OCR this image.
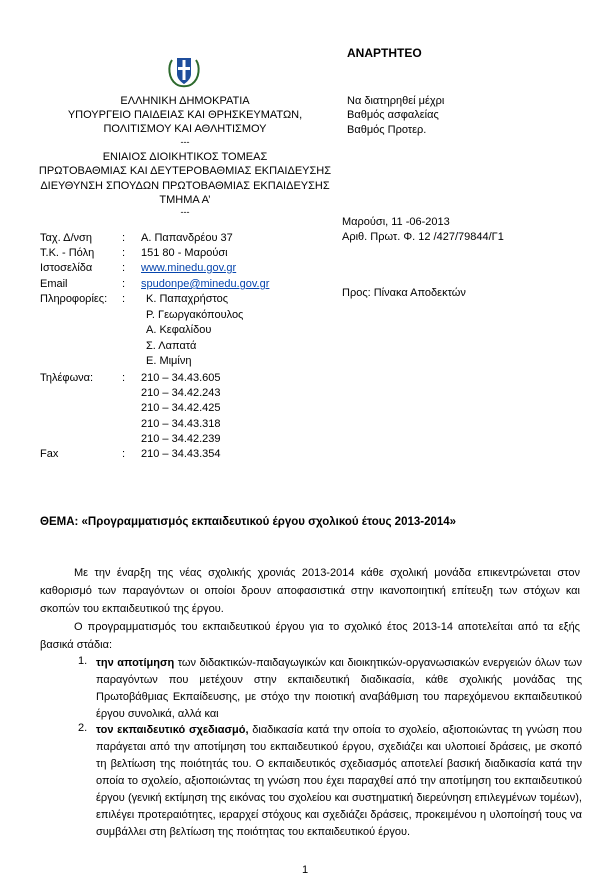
ΑΝΑΡΤΗΤΕΟ
Να διατηρηθεί μέχρι
Βαθμός ασφαλείας
Βαθμός Προτερ.
ΕΛΛΗΝΙΚΗ ΔΗΜΟΚΡΑΤΙΑ
ΥΠΟΥΡΓΕΙΟ ΠΑΙΔΕΙΑΣ ΚΑΙ ΘΡΗΣΚΕΥΜΑΤΩΝ,
ΠΟΛΙΤΙΣΜΟΥ ΚΑΙ ΑΘΛΗΤΙΣΜΟΥ
---
ΕΝΙΑΙΟΣ ΔΙΟΙΚΗΤΙΚΟΣ ΤΟΜΕΑΣ
ΠΡΩΤΟΒΑΘΜΙΑΣ ΚΑΙ ΔΕΥΤΕΡΟΒΑΘΜΙΑΣ ΕΚΠΑΙΔΕΥΣΗΣ
ΔΙΕΥΘΥΝΣΗ ΣΠΟΥΔΩΝ ΠΡΩΤΟΒΑΘΜΙΑΣ ΕΚΠΑΙΔΕΥΣΗΣ
ΤΜΗΜΑ Α’
---
Μαρούσι, 11 -06-2013
Αριθ. Πρωτ. Φ. 12 /427/79844/Γ1
Προς: Πίνακα Αποδεκτών
Ταχ. Δ/νση	: Α. Παπανδρέου 37
Τ.Κ. - Πόλη	: 151 80 - Μαρούσι
Ιστοσελίδα	: www.minedu.gov.gr
Email	: spudonpe@minedu.gov.gr
Πληροφορίες: : Κ. Παπαχρήστος
Ρ. Γεωργακόπουλος
Α. Κεφαλίδου
Σ. Λαπατά
Ε. Μιμίνη
Τηλέφωνα:	: 210 – 34.43.605
210 – 34.42.243
210 – 34.42.425
210 – 34.43.318
210 – 34.42.239
Fax	: 210 – 34.43.354
ΘΕΜΑ: «Προγραμματισμός εκπαιδευτικού έργου σχολικού έτους 2013-2014»
Με την έναρξη της νέας σχολικής χρονιάς 2013-2014 κάθε σχολική μονάδα επικεντρώνεται στον καθορισμό των παραγόντων οι οποίοι δρουν αποφασιστικά στην ικανοποιητική επίτευξη των στόχων και σκοπών του εκπαιδευτικού της έργου.
Ο προγραμματισμός του εκπαιδευτικού έργου για το σχολικό έτος 2013-14 αποτελείται από τα εξής βασικά στάδια:
1. την αποτίμηση των διδακτικών-παιδαγωγικών και διοικητικών-οργανωσιακών ενεργειών όλων των παραγόντων που μετέχουν στην εκπαιδευτική διαδικασία, κάθε σχολικής μονάδας της Πρωτοβάθμιας Εκπαίδευσης, με στόχο την ποιοτική αναβάθμιση του παρεχόμενου εκπαιδευτικού έργου συνολικά, αλλά και
2. τον εκπαιδευτικό σχεδιασμό, διαδικασία κατά την οποία το σχολείο, αξιοποιώντας τη γνώση που παράγεται από την αποτίμηση του εκπαιδευτικού έργου, σχεδιάζει και υλοποιεί δράσεις, με σκοπό τη βελτίωση της ποιότητάς του. Ο εκπαιδευτικός σχεδιασμός αποτελεί βασική διαδικασία κατά την οποία το σχολείο, αξιοποιώντας τη γνώση που έχει παραχθεί από την αποτίμηση του εκπαιδευτικού έργου (γενική εκτίμηση της εικόνας του σχολείου και συστηματική διερεύνηση επιλεγμένων τομέων), επιλέγει προτεραιότητες, ιεραρχεί στόχους και σχεδιάζει δράσεις, προκειμένου η υλοποίησή τους να συμβάλλει στη βελτίωση της ποιότητας του εκπαιδευτικού έργου.
1
